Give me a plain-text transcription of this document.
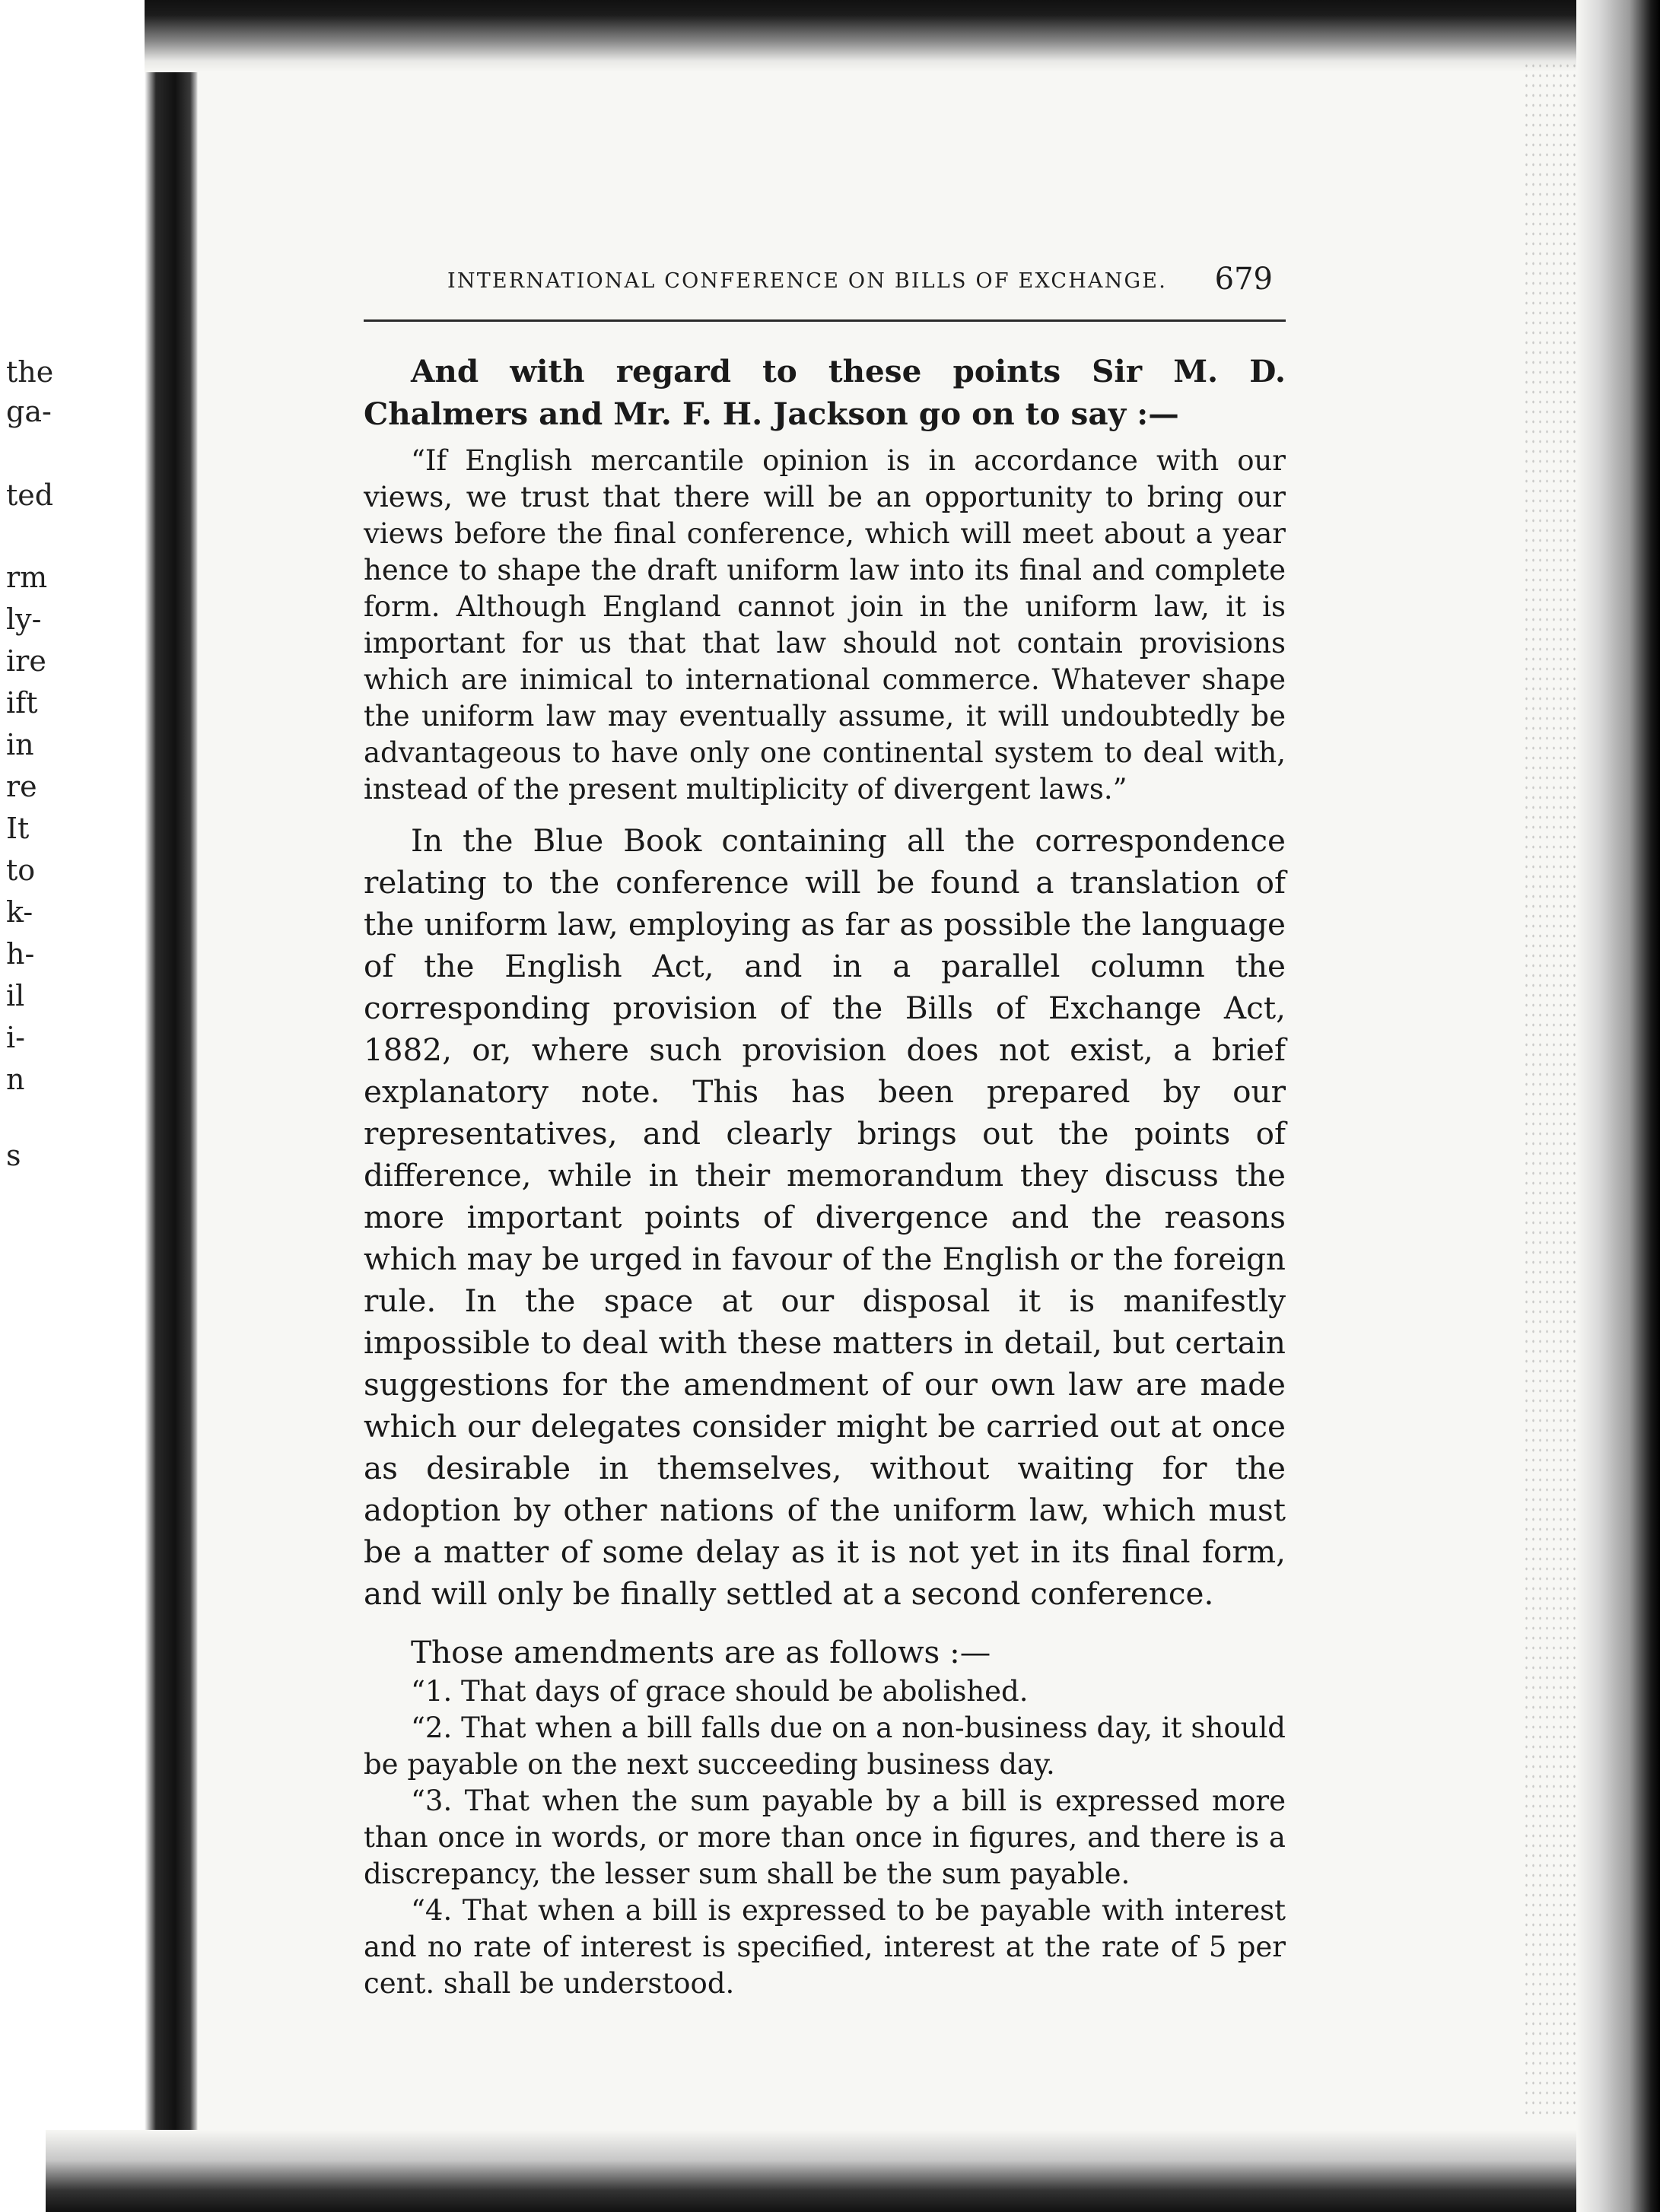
the
ga-
ted
rm
ly-
ire
ift
in
re
It
to
k-
h-
il
i-
n
s
INTERNATIONAL CONFERENCE ON BILLS OF EXCHANGE. 679

And with regard to these points Sir M. D. Chalmers and Mr. F. H. Jackson go on to say :—

“If English mercantile opinion is in accordance with our views, we trust that there will be an opportunity to bring our views before the final conference, which will meet about a year hence to shape the draft uniform law into its final and complete form. Although England cannot join in the uniform law, it is important for us that that law should not contain provisions which are inimical to international commerce. Whatever shape the uniform law may eventually assume, it will undoubtedly be advantageous to have only one continental system to deal with, instead of the present multiplicity of divergent laws.”

In the Blue Book containing all the correspondence relating to the conference will be found a translation of the uniform law, employing as far as possible the language of the English Act, and in a parallel column the corresponding provision of the Bills of Exchange Act, 1882, or, where such provision does not exist, a brief explanatory note. This has been prepared by our representatives, and clearly brings out the points of difference, while in their memorandum they discuss the more important points of divergence and the reasons which may be urged in favour of the English or the foreign rule. In the space at our disposal it is manifestly impossible to deal with these matters in detail, but certain suggestions for the amendment of our own law are made which our delegates consider might be carried out at once as desirable in themselves, without waiting for the adoption by other nations of the uniform law, which must be a matter of some delay as it is not yet in its final form, and will only be finally settled at a second conference.

Those amendments are as follows :—

“1. That days of grace should be abolished.

“2. That when a bill falls due on a non-business day, it should be payable on the next succeeding business day.

“3. That when the sum payable by a bill is expressed more than once in words, or more than once in figures, and there is a discrepancy, the lesser sum shall be the sum payable.

“4. That when a bill is expressed to be payable with interest and no rate of interest is specified, interest at the rate of 5 per cent. shall be understood.
